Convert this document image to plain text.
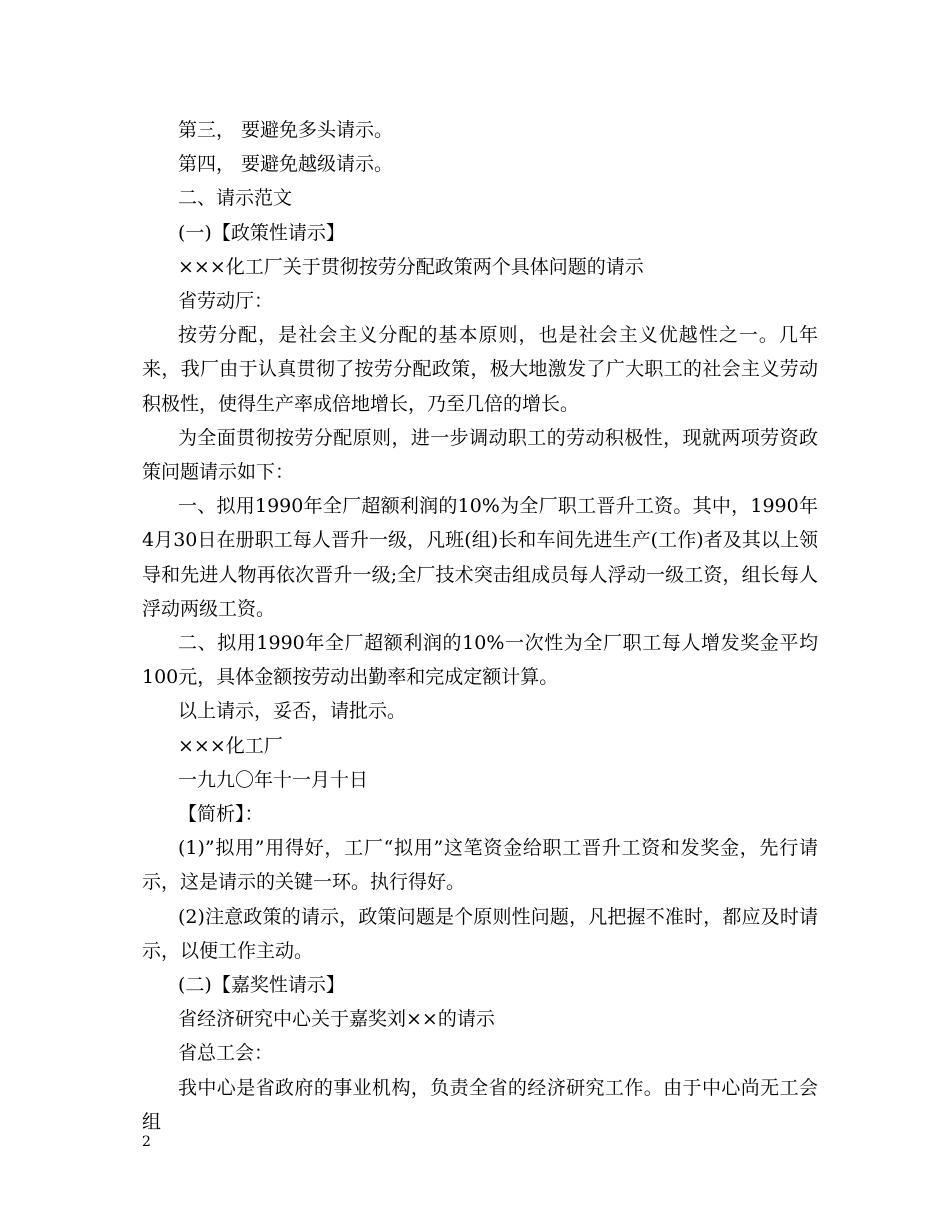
第三， 要避免多头请示。

第四， 要避免越级请示。

二、请示范文

(一)【政策性请示】

×××化工厂关于贯彻按劳分配政策两个具体问题的请示

省劳动厅：

按劳分配，是社会主义分配的基本原则，也是社会主义优越性之一。几年来，我厂由于认真贯彻了按劳分配政策，极大地激发了广大职工的社会主义劳动积极性，使得生产率成倍地增长，乃至几倍的增长。

为全面贯彻按劳分配原则，进一步调动职工的劳动积极性，现就两项劳资政策问题请示如下：

一、拟用1990年全厂超额利润的10%为全厂职工晋升工资。其中，1990年4月30日在册职工每人晋升一级，凡班(组)长和车间先进生产(工作)者及其以上领导和先进人物再依次晋升一级;全厂技术突击组成员每人浮动一级工资，组长每人浮动两级工资。

二、拟用1990年全厂超额利润的10%一次性为全厂职工每人增发奖金平均100元，具体金额按劳动出勤率和完成定额计算。

以上请示，妥否，请批示。

×××化工厂

一九九〇年十一月十日

【简析】：

(1)”拟用”用得好，工厂“拟用”这笔资金给职工晋升工资和发奖金，先行请示，这是请示的关键一环。执行得好。

(2)注意政策的请示，政策问题是个原则性问题，凡把握不准时，都应及时请示，以便工作主动。

(二)【嘉奖性请示】

省经济研究中心关于嘉奖刘××的请示

省总工会：

我中心是省政府的事业机构，负责全省的经济研究工作。由于中心尚无工会组

2
